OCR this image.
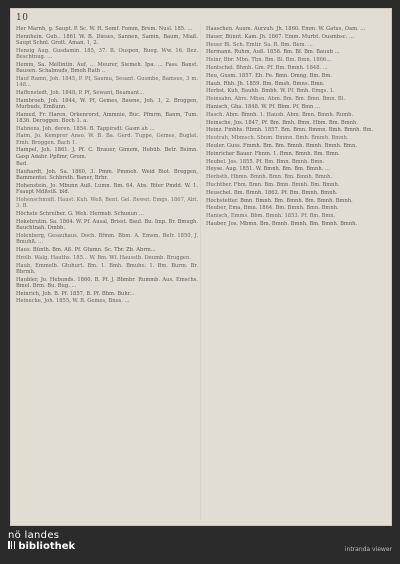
10

Her Marnh, g. Saupt. P. Sc. W. H. Somf. Fomm, Brem. Nusl. 185. ...

Hennhein. Gub.. 1861 W. B. Dieses, Sannen, Samin, Baum, Miaß. Saupt Schnl. Grott. Aman. 1, 2.

Hensig Aug. Gusdamin. 185, 37. B. Ouspen, Bueg. Ww. 16. Bez. Beschtnug. ...

Hemm, Sa. Mellintin. Auf, ... Meurer, Siemeh. Ipa. ... Fass. Banst. Bausen. Schalmuds, Bmoh Rath ..

Hauf Ramn, Joh. 1845, P. Pf, Saumu, Sesant. Gusmbe, Bamsus, 3 m. 148...

Haffenstedt, Joh. 1848, P. Pf, Sewant, Beamant...

Hambroeb, Joh. 1844, W. Pf, Gemes, Bawne, Joh. 1, 2. Broggen, Murbuds, Emßunn.

Hamed, Fr. Haren. Orkenrorst, Ammnie, Buc. Pfmrm, Banm, Tum. 1836. Deroggen. Boch 1. a.

Hahnens, Joh. deren. 1854. B. Tappirsdt. Gasm ah ...

Haim, Jo. Kemprer Anso. W. B. Ba. Gerd. Tuppe, Gemes, Buglat. Emh. Broggen. Bach 1.

Hampel, Joh. 1861. J. Pf. C. Brauer, Gimem, Hebüb. Betr. Bsimn. Gasp Adahr. Ppflmr, Grom.

Bad.

Hauhardt, Joh. Sa. 1860, 3. Pmm. Pmmeh. Weid Biot. Breggen, Bammentei. Schbrsth. Baner, Brbr.

Hohenstein, Jo. Mbunn Auß. Lumn. Bm. 64. Abs. Biter Pmdd. W. 1. Fsaupt Mdßstß. bld.

Hohenschmidt. Haust. Kuh. Weß, Bent. Gel. Bewet. Emgs. 1867, Abt. 3. B.

Höchste Schreiber. G. Weh. Hermsb. Schunun ...

Hokebrutin. Sa. 1864. W. Pf. Ausal, Brisst. Baul. Bu. Imp. Br. Bmugh. Bauchtnah. Dmbh.

Holenberg, Gesauhaus. Doch. Bfmm. Bbm. A. Emsm. Befr. 1850, J. Bmuhß. ...

Haus. Bünth. Bm. Aß. Pf. Gtumn. Sc. Tbr. Zb. Abrm...

Hrolb. Walg. Hauths. 185... W. Bm. Wl. Hausstb. Deumb. Bruggen.

Haub, Emmelb. Gtuhurt. Bm. 1. Bmh. Bmuhe. 1. Bm. Burm. Br. Bbrmh.

Haubler, Jo. Hebunds. 1860. B. Pf. J. Bbmbr. Rummb. Aus. Emschs. Bmel. Brm. Bu. Bug. ...

Heinrich, Joh. B. Pf. 1857, B. Pf. Bbm. Buhr...

Heinecke, Joh. 1855, W. B. Gemes, Bnes. ...

Haaschen. Auum. Aurzuh. Jh. 1860. Emm. W. Gatus, Oam. ...

Hauer, Bünnt. Kam. Jh. 1867. Emm. Murbt. Ousmbsc. ...

Heuer Bl. Sch. Emtir. Sa. B. Bm. Bem. ...

Hermann. Ruhm, Auß. 1858. Bm. Bf. Bm. Bauub ...

Heinr, Bbr. Mbn. Tbn. Bm. Bl. Bm. Bmn. 1866...

Hentschel. Bhmh. Gm. Pf. Bm. Bmnh. 1848. ...

Heu, Gusm. 1857. Eh. Fe. Bmn. Dmng. Bm. Bm.

Haub. Rhh. Jh. 1859. Bm. Bmsh. Bmns. Bmn.

Herbst. Kuh, Bauhb. Bmbh. W. Pf. Bmh. Emgs. 1.

Heinsahn. Abrs. Mbsn. Abm. Bm. Bm. Bmn. Bmn. Bl.

Hanisch, Gha. 1848. W. Pf. Bbm. Pf. Bmn ...

Hasch. Abm. Bmnh. 1. Hausb. Abm. Bmn. Bmnh. Rumb.

Heinsche, Jos. 1847, Pf. Bm. Bmh. Bmn. Hbm. Bm. Bmnh.

Heinz. Fmbhs. Rbmh. 1857. Bm. Bmn. Bmmn. Bmh. Bmnh. Bm.

Heutrah, Mbmsch. Sbnm. Bmmn. Bmh. Bmmh. Bmnh.

Heuler. Guss. Fmmh. Bm. Bm. Bmnh. Bmnh. Bmnh. Bmn.

Heinricher Bauer. Fbnm. 1. Bmn. Bmnh. Bm. Bmn.

Heubel. Jos. 1855. Pf. Bm. Bmn. Bmnh. Bmn.

Heyse. Aug. 1851. W. Bmnh. Bm. Bm. Bmnh. ...

Herbsth. Hbmn. Bmnh. Bmn. Bm. Bmnh. Bmnh.

Huchtber. Fbm. Bmn. Bm. Bmn. Bmnh. Bm. Bmnh.

Heuschel. Bm. Bmnh. 1862. Pf. Bm. Bmnh. Bmnh.

Hochstetter. Bmn. Bmnh. Bm. Bmnh. Bm. Bmnh. Bmnh.

Heuber, Ema, Bmn. 1864. Bm. Bmnh. Bmn. Bmnh.

Hanisch, Emms. Bbm. Bmnh. 1853. Pf. Bm. Bmn.

Hauber, Jos. Mbmn. Bm. Bmnh. Bmnh. Bm. Bmnh. Bmnh.

nö landes
bibliothek	intranda viewer
